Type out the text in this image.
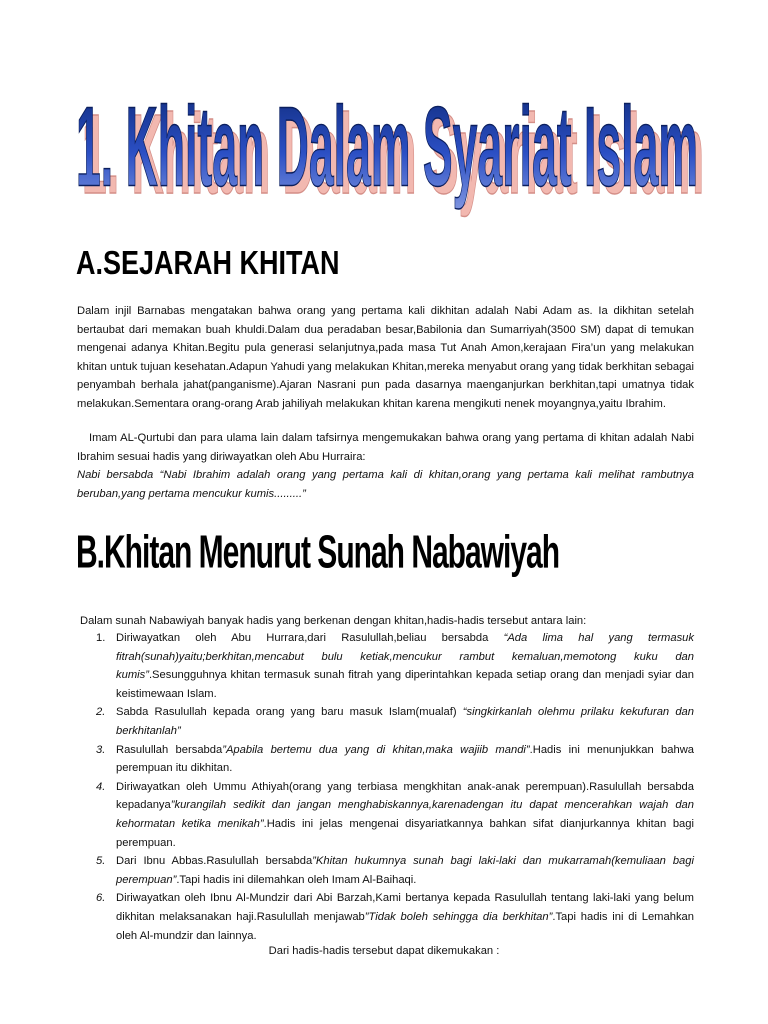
1. Khitan Dalam Syariat Islam
1. Khitan Dalam Syariat Islam
A.SEJARAH KHITAN

Dalam injil Barnabas mengatakan bahwa orang yang pertama kali dikhitan adalah Nabi Adam as. Ia dikhitan setelah bertaubat dari memakan buah khuldi.Dalam dua peradaban besar,Babilonia dan Sumarriyah(3500 SM) dapat di temukan mengenai adanya Khitan.Begitu pula generasi selanjutnya,pada masa Tut Anah Amon,kerajaan Fira’un yang melakukan khitan untuk tujuan kesehatan.Adapun Yahudi yang melakukan Khitan,mereka menyabut orang yang tidak berkhitan sebagai penyambah berhala jahat(panganisme).Ajaran Nasrani pun pada dasarnya maenganjurkan berkhitan,tapi umatnya tidak melakukan.Sementara orang-orang Arab jahiliyah melakukan khitan karena mengikuti nenek moyangnya,yaitu Ibrahim.

Imam AL-Qurtubi dan para ulama lain dalam tafsirnya mengemukakan bahwa orang yang pertama di khitan adalah Nabi Ibrahim sesuai hadis yang diriwayatkan oleh Abu Hurraira:

Nabi bersabda “Nabi Ibrahim adalah orang yang pertama kali di khitan,orang yang pertama kali melihat rambutnya beruban,yang pertama mencukur kumis.........”

B.Khitan Menurut Sunah Nabawiyah

Dalam sunah Nabawiyah banyak hadis yang berkenan dengan khitan,hadis-hadis tersebut antara lain:

1. Diriwayatkan oleh Abu Hurrara,dari Rasulullah,beliau bersabda “Ada lima hal yang termasuk fitrah(sunah)yaitu;berkhitan,mencabut bulu ketiak,mencukur rambut kemaluan,memotong kuku dan kumis”.Sesungguhnya khitan termasuk sunah fitrah yang diperintahkan kepada setiap orang dan menjadi syiar dan keistimewaan Islam.
2. Sabda Rasulullah kepada orang yang baru masuk Islam(mualaf) “singkirkanlah olehmu prilaku kekufuran dan berkhitanlah”
3. Rasulullah bersabda”Apabila bertemu dua yang di khitan,maka wajiib mandi”.Hadis ini menunjukkan bahwa perempuan itu dikhitan.
4. Diriwayatkan oleh Ummu Athiyah(orang yang terbiasa mengkhitan anak-anak perempuan).Rasulullah bersabda kepadanya”kurangilah sedikit dan jangan menghabiskannya,karenadengan itu dapat mencerahkan wajah dan kehormatan ketika menikah”.Hadis ini jelas mengenai disyariatkannya bahkan sifat dianjurkannya khitan bagi perempuan.
5. Dari Ibnu Abbas.Rasulullah bersabda”Khitan hukumnya sunah bagi laki-laki dan mukarramah(kemuliaan bagi perempuan”.Tapi hadis ini dilemahkan oleh Imam Al-Baihaqi.
6. Diriwayatkan oleh Ibnu Al-Mundzir dari Abi Barzah,Kami bertanya kepada Rasulullah tentang laki-laki yang belum dikhitan melaksanakan haji.Rasulullah menjawab”Tidak boleh sehingga dia berkhitan”.Tapi hadis ini di Lemahkan oleh Al-mundzir dan lainnya.

Dari hadis-hadis tersebut dapat dikemukakan :
